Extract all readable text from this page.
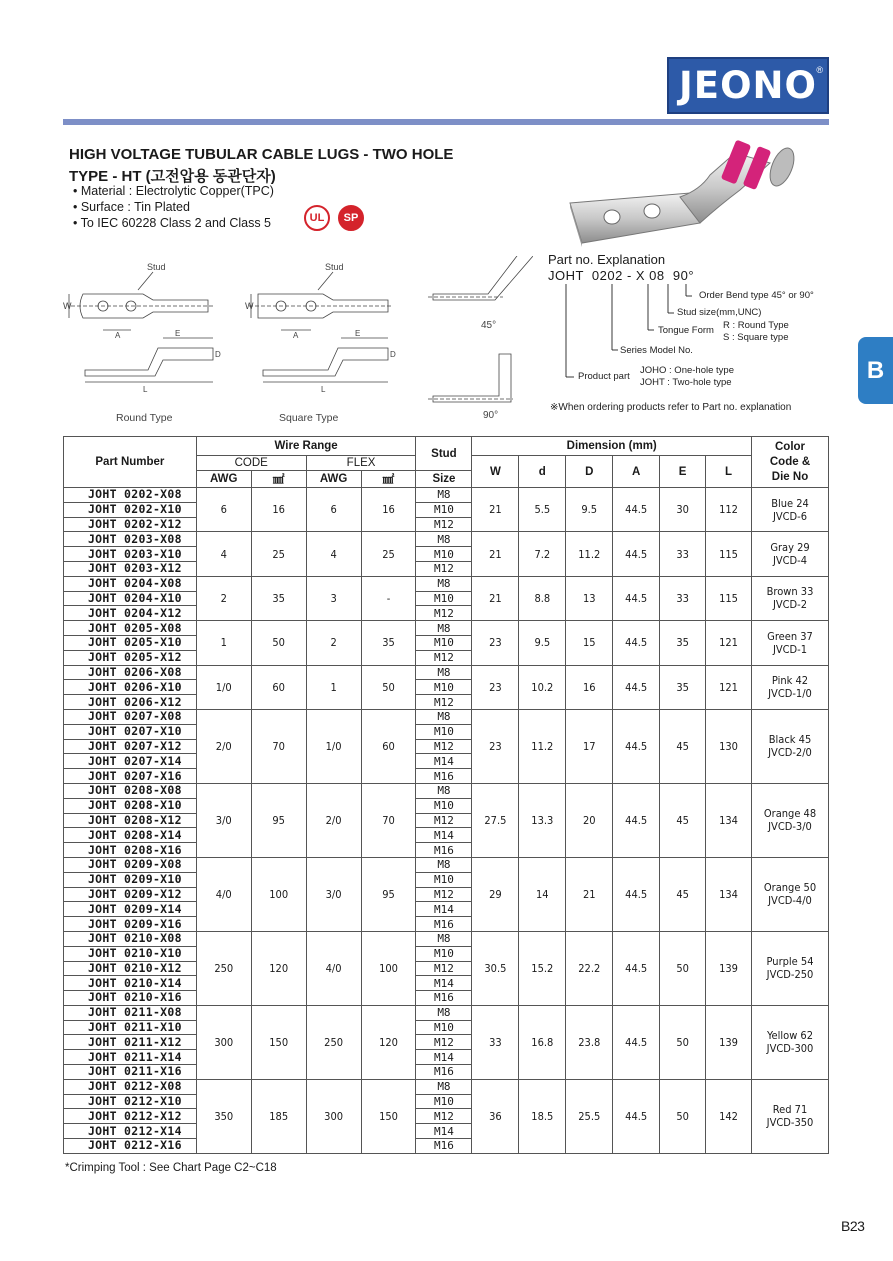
JEONO®
HIGH VOLTAGE TUBULAR CABLE LUGS - TWO HOLE
TYPE - HT (고전압용 동관단자)
• Material : Electrolytic Copper(TPC)
• Surface : Tin Plated
• To IEC 60228 Class 2 and Class 5	UL	SP
B
Stud	Stud
W	W
A	A
E	E
D	D
L	L
45°
90°
Round Type	Square Type
Part no. Explanation
JOHT  0202 - X 08  90°
Order Bend type 45° or 90°
Stud size(mm,UNC)
Tongue Form R : Round Type
S : Square type
Series Model No.
Product part
JOHO : One-hole type
JOHT : Two-hole type
※When ordering products refer to Part no. explanation
Part Number	Wire Range				Stud	Dimension (mm)						Color
Code &
Die No

	CODE		FLEX			W	d	D	A	E	L	
	AWG	㎟	AWG	㎟	Size							
JOHT 0202-X08	6	16	6	16	M8	21	5.5	9.5	44.5	30	112	Blue 24
JVCD-6

JOHT 0202-X10					M10							
JOHT 0202-X12					M12							
JOHT 0203-X08	4	25	4	25	M8	21	7.2	11.2	44.5	33	115	Gray 29
JVCD-4

JOHT 0203-X10					M10							
JOHT 0203-X12					M12							
JOHT 0204-X08	2	35	3	-	M8	21	8.8	13	44.5	33	115	Brown 33
JVCD-2

JOHT 0204-X10					M10							
JOHT 0204-X12					M12							
JOHT 0205-X08	1	50	2	35	M8	23	9.5	15	44.5	35	121	Green 37
JVCD-1

JOHT 0205-X10					M10							
JOHT 0205-X12					M12							
JOHT 0206-X08	1/0	60	1	50	M8	23	10.2	16	44.5	35	121	Pink 42
JVCD-1/0

JOHT 0206-X10					M10							
JOHT 0206-X12					M12							
JOHT 0207-X08	2/0	70	1/0	60	M8	23	11.2	17	44.5	45	130	Black 45
JVCD-2/0

JOHT 0207-X10					M10							
JOHT 0207-X12					M12							
JOHT 0207-X14					M14							
JOHT 0207-X16					M16							
JOHT 0208-X08	3/0	95	2/0	70	M8	27.5	13.3	20	44.5	45	134	Orange 48
JVCD-3/0

JOHT 0208-X10					M10							
JOHT 0208-X12					M12							
JOHT 0208-X14					M14							
JOHT 0208-X16					M16							
JOHT 0209-X08	4/0	100	3/0	95	M8	29	14	21	44.5	45	134	Orange 50
JVCD-4/0

JOHT 0209-X10					M10							
JOHT 0209-X12					M12							
JOHT 0209-X14					M14							
JOHT 0209-X16					M16							
JOHT 0210-X08	250	120	4/0	100	M8	30.5	15.2	22.2	44.5	50	139	Purple 54
JVCD-250

JOHT 0210-X10					M10							
JOHT 0210-X12					M12							
JOHT 0210-X14					M14							
JOHT 0210-X16					M16							
JOHT 0211-X08	300	150	250	120	M8	33	16.8	23.8	44.5	50	139	Yellow 62
JVCD-300

JOHT 0211-X10					M10							
JOHT 0211-X12					M12							
JOHT 0211-X14					M14							
JOHT 0211-X16					M16							
JOHT 0212-X08	350	185	300	150	M8	36	18.5	25.5	44.5	50	142	Red 71
JVCD-350

JOHT 0212-X10					M10							
JOHT 0212-X12					M12							
JOHT 0212-X14					M14							
JOHT 0212-X16					M16							
*Crimping Tool : See Chart Page C2~C18
B23
